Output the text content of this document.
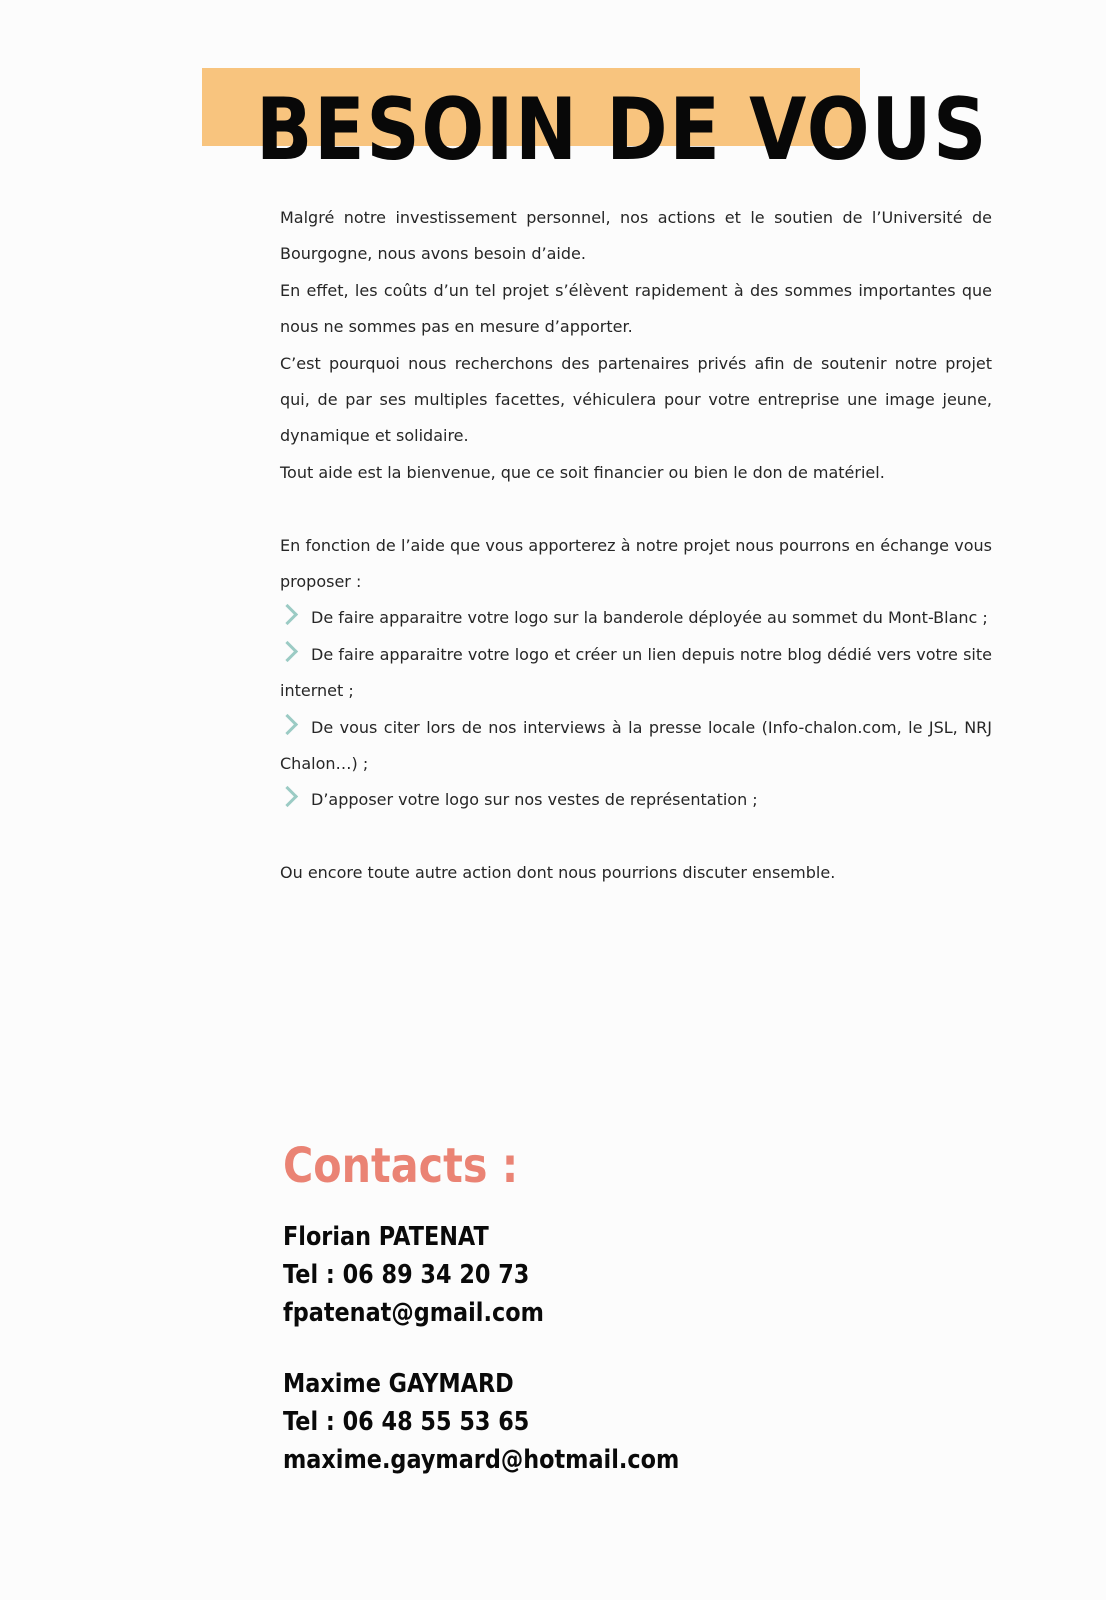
BESOIN DE VOUS

Malgré notre investissement personnel, nos actions et le soutien de l’Université de Bourgogne, nous avons besoin d’aide.

En effet, les coûts d’un tel projet s’élèvent rapidement à des sommes importantes que nous ne sommes pas en mesure d’apporter.

C’est pourquoi nous recherchons des partenaires privés afin de soutenir notre projet qui, de par ses multiples facettes, véhiculera pour votre entreprise une image jeune, dynamique et solidaire.

Tout aide est la bienvenue, que ce soit financier ou bien le don de matériel.

En fonction de l’aide que vous apporterez à notre projet nous pourrons en échange vous proposer :

De faire apparaitre votre logo sur la banderole déployée au sommet du Mont-Blanc ;

De faire apparaitre votre logo et créer un lien depuis notre blog dédié vers votre site internet ;

De vous citer lors de nos interviews à la presse locale (Info-chalon.com, le JSL, NRJ Chalon…) ;

D’apposer votre logo sur nos vestes de représentation ;

Ou encore toute autre action dont nous pourrions discuter ensemble.

Contacts :
Florian PATENAT
Tel : 06 89 34 20 73
fpatenat@gmail.com
Maxime GAYMARD
Tel : 06 48 55 53 65
maxime.gaymard@hotmail.com
